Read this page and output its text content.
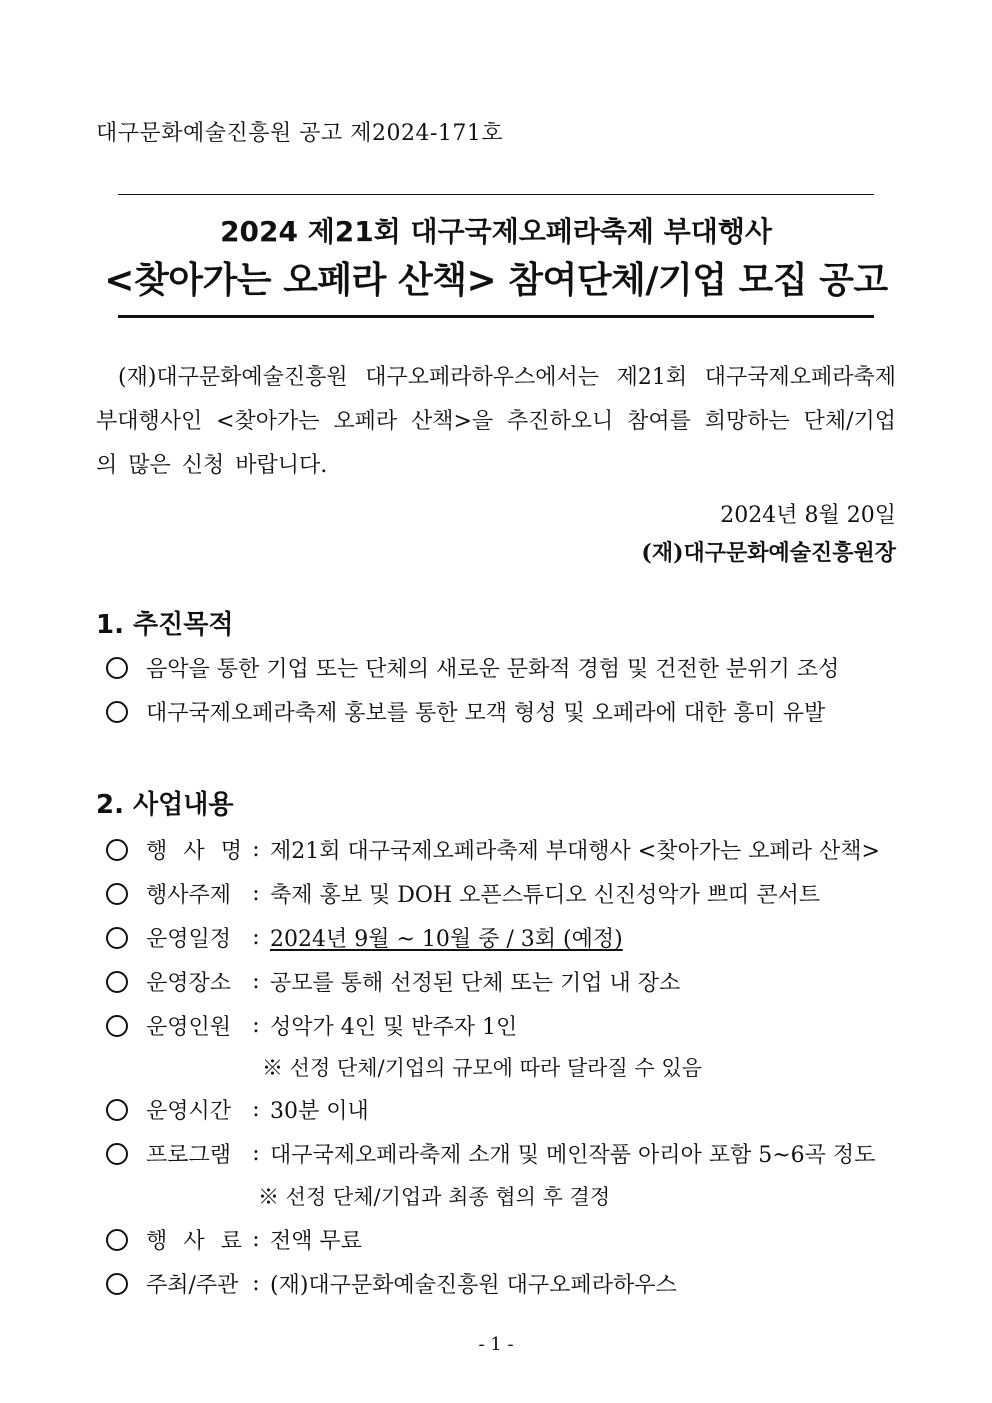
대구문화예술진흥원 공고 제2024-171호
2024 제21회 대구국제오페라축제 부대행사
<찾아가는 오페라 산책> 참여단체/기업 모집 공고
(재)대구문화예술진흥원 대구오페라하우스에서는 제21회 대구국제오페라축제 부대행사인 <찾아가는 오페라 산책>을 추진하오니 참여를 희망하는 단체/기업의 많은 신청 바랍니다.
2024년 8월 20일
(재)대구문화예술진흥원장
1. 추진목적
음악을 통한 기업 또는 단체의 새로운 문화적 경험 및 건전한 분위기 조성
대구국제오페라축제 홍보를 통한 모객 형성 및 오페라에 대한 흥미 유발
2. 사업내용
행 사 명 : 제21회 대구국제오페라축제 부대행사 <찾아가는 오페라 산책>
행사주제 : 축제 홍보 및 DOH 오픈스튜디오 신진성악가 쁘띠 콘서트
운영일정 : 2024년 9월 ~ 10월 중 / 3회 (예정)
운영장소 : 공모를 통해 선정된 단체 또는 기업 내 장소
운영인원 : 성악가 4인 및 반주자 1인
※ 선정 단체/기업의 규모에 따라 달라질 수 있음
운영시간 : 30분 이내
프로그램 : 대구국제오페라축제 소개 및 메인작품 아리아 포함 5~6곡 정도
※ 선정 단체/기업과 최종 협의 후 결정
행 사 료 : 전액 무료
주최/주관 : (재)대구문화예술진흥원 대구오페라하우스
- 1 -
